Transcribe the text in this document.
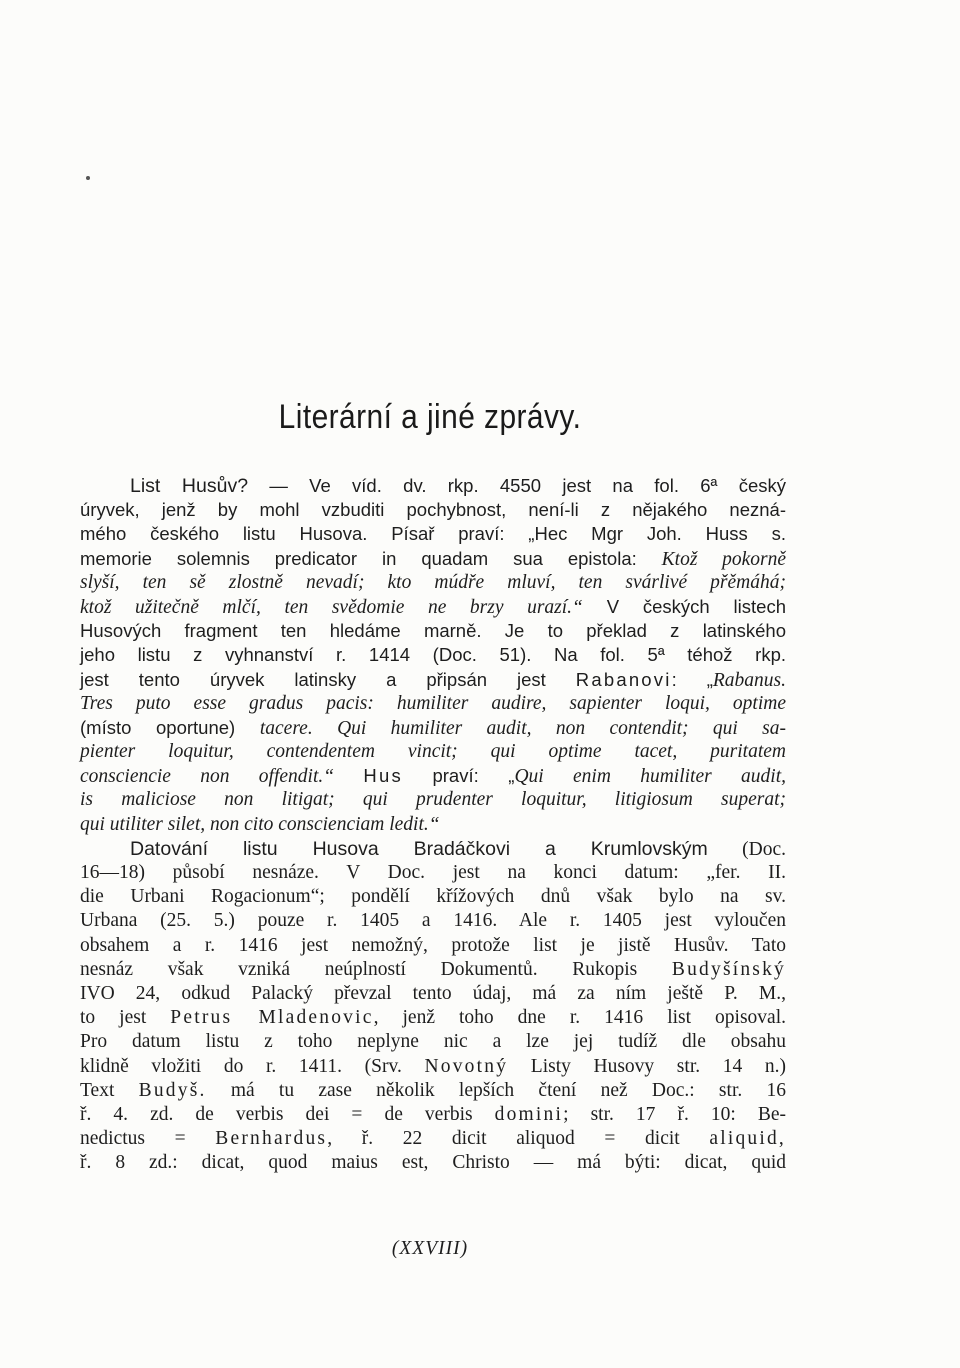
Literární a jiné zprávy.
List Husův? — Ve víd. dv. rkp. 4550 jest na fol. 6ª český
úryvek, jenž by mohl vzbuditi pochybnost, není-li z nějakého nezná-
mého českého listu Husova. Písař praví: „Hec Mgr Joh. Huss s.
memorie solemnis predicator in quadam sua epistola: Ktož pokorně
slyší, ten sě zlostně nevadí; kto múdře mluví, ten svárlivé přěmáhá;
ktož užitečně mlčí, ten svědomie ne brzy urazí.“ V českých listech
Husových fragment ten hledáme marně. Je to překlad z latinského
jeho listu z vyhnanství r. 1414 (Doc. 51). Na fol. 5ª téhož rkp.
jest tento úryvek latinsky a připsán jest Rabanovi: „Rabanus.
Tres puto esse gradus pacis: humiliter audire, sapienter loqui, optime
(místo oportune) tacere. Qui humiliter audit, non contendit; qui sa-
pienter loquitur, contendentem vincit; qui optime tacet, puritatem
consciencie non offendit.“ Hus praví: „Qui enim humiliter audit,
is maliciose non litigat; qui prudenter loquitur, litigiosum superat;
qui utiliter silet, non cito conscienciam ledit.“
Datování listu Husova Bradáčkovi a Krumlovským (Doc.
16—18) působí nesnáze. V Doc. jest na konci datum: „fer. II.
die Urbani Rogacionum“; pondělí křížových dnů však bylo na sv.
Urbana (25. 5.) pouze r. 1405 a 1416. Ale r. 1405 jest vyloučen
obsahem a r. 1416 jest nemožný, protože list je jistě Husův. Tato
nesnáz však vzniká neúplností Dokumentů. Rukopis Budyšínský
IVO 24, odkud Palacký převzal tento údaj, má za ním ještě P. M.,
to jest Petrus Mladenovic, jenž toho dne r. 1416 list opisoval.
Pro datum listu z toho neplyne nic a lze jej tudíž dle obsahu
klidně vložiti do r. 1411. (Srv. Novotný Listy Husovy str. 14 n.)
Text Budyš. má tu zase několik lepších čtení než Doc.: str. 16
ř. 4. zd. de verbis dei = de verbis domini; str. 17 ř. 10: Be-
nedictus = Bernhardus, ř. 22 dicit aliquod = dicit aliquid,
ř. 8 zd.: dicat, quod maius est, Christo — má býti: dicat, quid
(XXVIII)
